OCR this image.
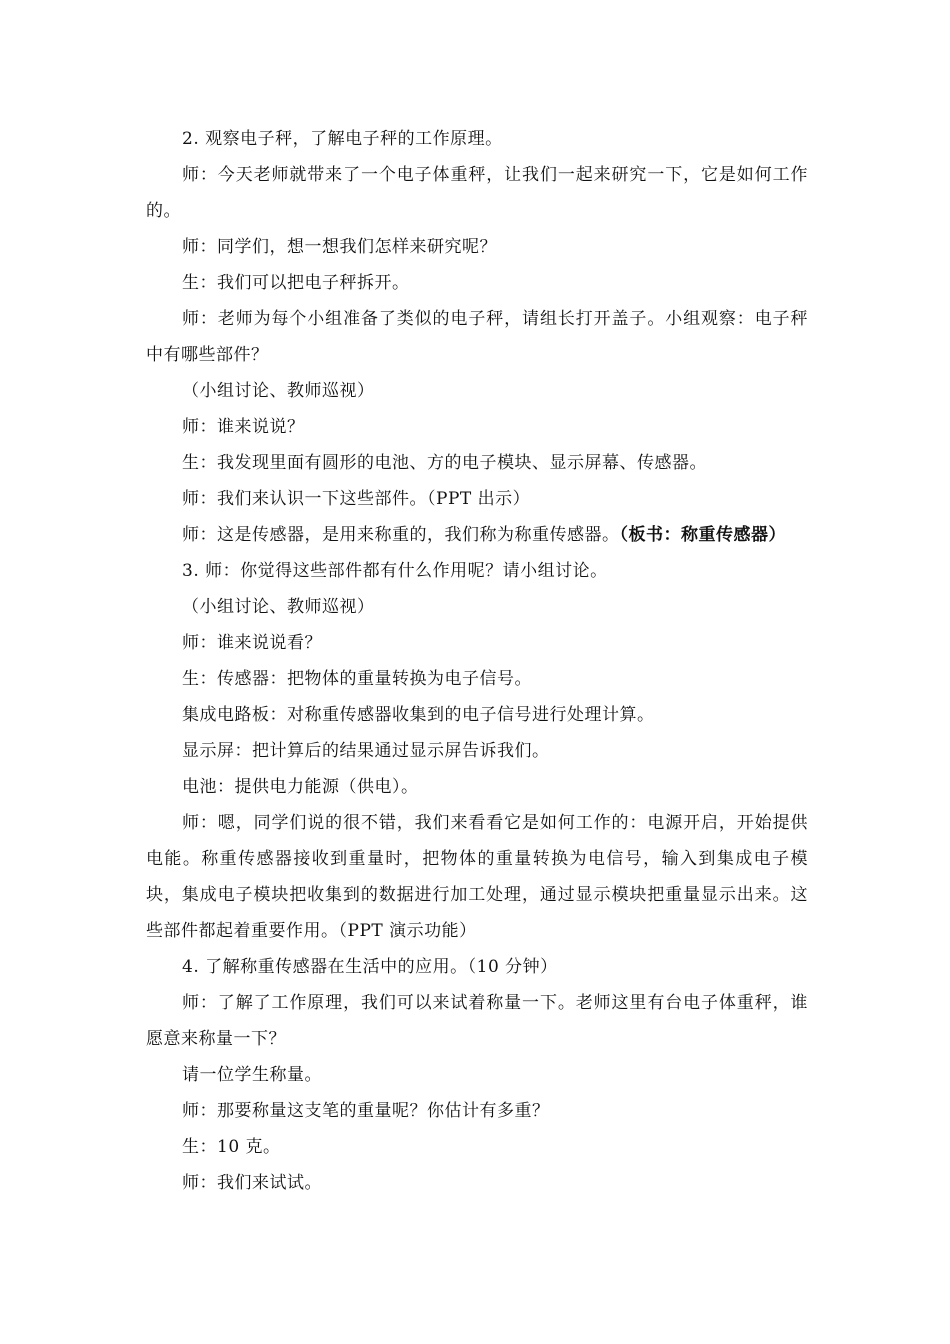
2. 观察电子秤，了解电子秤的工作原理。

师：今天老师就带来了一个电子体重秤，让我们一起来研究一下，它是如何工作的。

师：同学们，想一想我们怎样来研究呢？

生：我们可以把电子秤拆开。

师：老师为每个小组准备了类似的电子秤，请组长打开盖子。小组观察：电子秤中有哪些部件？

（小组讨论、教师巡视）

师：谁来说说？

生：我发现里面有圆形的电池、方的电子模块、显示屏幕、传感器。

师：我们来认识一下这些部件。（PPT 出示）

师：这是传感器，是用来称重的，我们称为称重传感器。（板书：称重传感器）

3. 师：你觉得这些部件都有什么作用呢？请小组讨论。

（小组讨论、教师巡视）

师：谁来说说看？

生：传感器：把物体的重量转换为电子信号。

集成电路板：对称重传感器收集到的电子信号进行处理计算。

显示屏：把计算后的结果通过显示屏告诉我们。

电池：提供电力能源（供电）。

师：嗯，同学们说的很不错，我们来看看它是如何工作的：电源开启，开始提供电能。称重传感器接收到重量时，把物体的重量转换为电信号，输入到集成电子模块，集成电子模块把收集到的数据进行加工处理，通过显示模块把重量显示出来。这些部件都起着重要作用。（PPT 演示功能）

4. 了解称重传感器在生活中的应用。（10 分钟）

师：了解了工作原理，我们可以来试着称量一下。老师这里有台电子体重秤，谁愿意来称量一下？

请一位学生称量。

师：那要称量这支笔的重量呢？你估计有多重？

生：10 克。

师：我们来试试。
